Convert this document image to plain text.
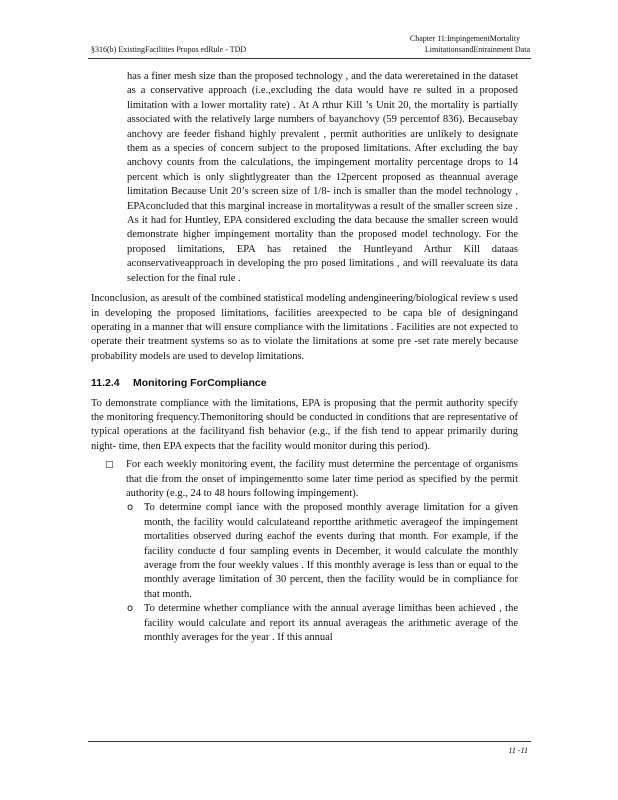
Chapter 11:ImpingementMortality
§316(b) ExistingFacilities Propos edRule - TDD	LimitationsandEntrainment Data

has a finer mesh size than the proposed technology , and the data wereretained in the dataset as a conservative approach (i.e.,excluding the data would have re sulted in a proposed limitation with a lower mortality rate) . At A rthur Kill ’s Unit 20, the mortality is partially associated with the relatively large numbers of bayanchovy (59 percentof 836). Becausebay anchovy are feeder fishand highly prevalent , permit authorities are unlikely to designate them as a species of concern subject to the proposed limitations. After excluding the bay anchovy counts from the calculations, the impingement mortality percentage drops to 14 percent which is only slightlygreater than the 12percent proposed as theannual average limitation Because Unit 20’s screen size of 1/8- inch is smaller than the model technology , EPAconcluded that this marginal increase in mortalitywas a result of the smaller screen size . As it had for Huntley, EPA considered excluding the data because the smaller screen would demonstrate higher impingement mortality than the proposed model technology. For the proposed limitations, EPA has retained the Huntleyand Arthur Kill dataas aconservativeapproach in developing the pro posed limitations , and will reevaluate its data selection for the final rule .

Inconclusion, as aresult of the combined statistical modeling andengineering/biological review s used in developing the proposed limitations, facilities areexpected to be capa ble of designingand operating in a manner that will ensure compliance with the limitations . Facilities are not expected to operate their treatment systems so as to violate the limitations at some pre -set rate merely because probability models are used to develop limitations.

11.2.4 Monitoring ForCompliance

To demonstrate compliance with the limitations, EPA is proposing that the permit authority specify the monitoring frequency.Themonitoring should be conducted in conditions that are representative of typical operations at the facilityand fish behavior (e.g., if the fish tend to appear primarily during night- time, then EPA expects that the facility would monitor during this period).

□	For each weekly monitoring event, the facility must determine the percentage of organisms that die from the onset of impingementto some later time period as specified by the permit authority (e.g., 24 to 48 hours following impingement).
o	To determine compl iance with the proposed monthly average limitation for a given month, the facility would calculateand reportthe arithmetic averageof the impingement mortalities observed during eachof the events during that month. For example, if the facility conducte d four sampling events in December, it would calculate the monthly average from the four weekly values . If this monthly average is less than or equal to the monthly average limitation of 30 percent, then the facility would be in compliance for that month.
o	To determine whether compliance with the annual average limithas been achieved , the facility would calculate and report its annual averageas the arithmetic average of the monthly averages for the year . If this annual
11 -11
